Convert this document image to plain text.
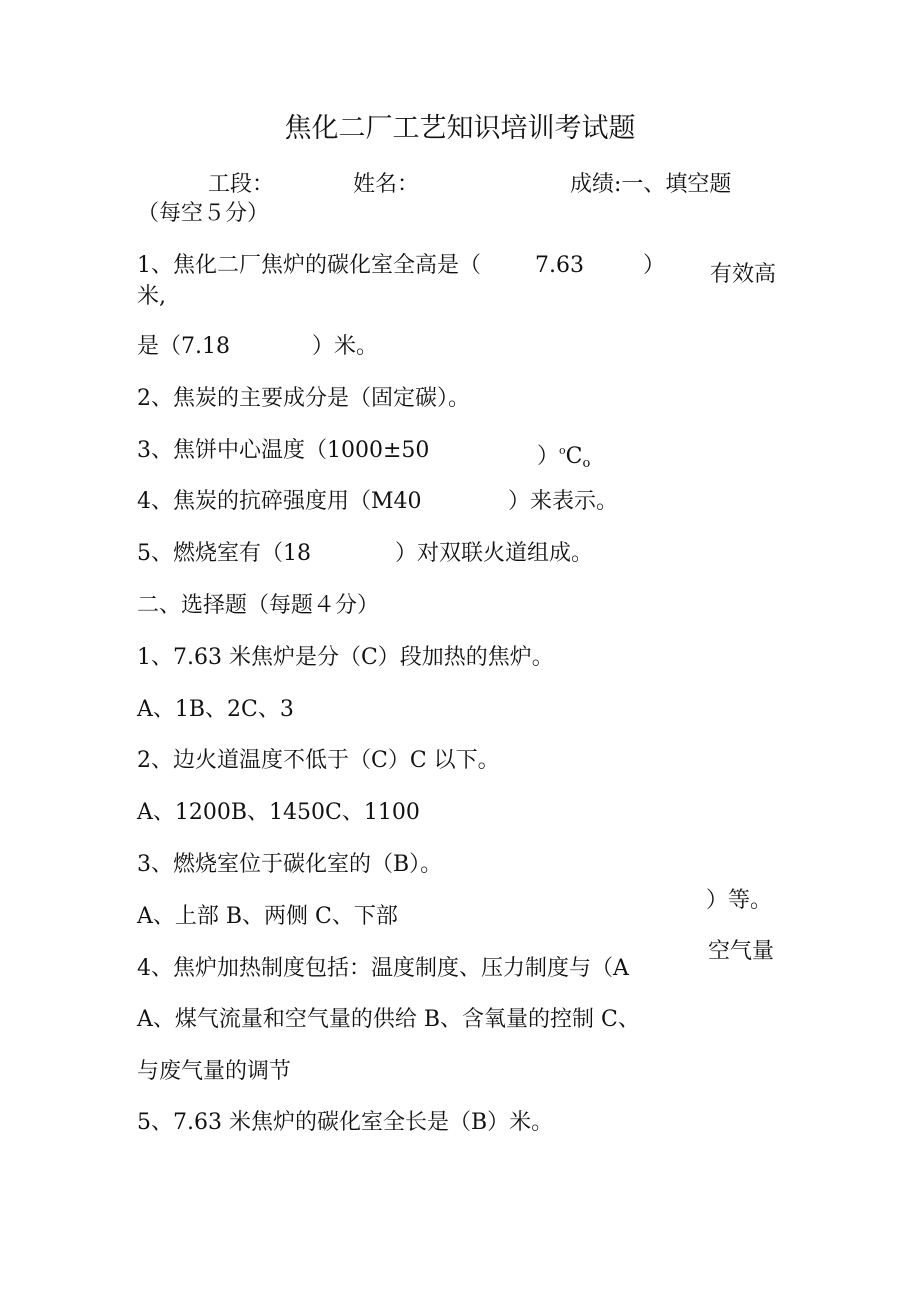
焦化二厂工艺知识培训考试题
工段：	姓名：	成绩:一、填空题
（每空５分）
1、焦化二厂焦炉的碳化室全高是（ 7.63	） 有效高
米,
是（7.18	）米。
2、焦炭的主要成分是（固定碳）。
3、焦饼中心温度（1000±50	）$^oC_o$
4、焦炭的抗碎强度用（M40	）来表示。
5、燃烧室有（18	）对双联火道组成。
二、选择题（每题４分）
1、7.63 米焦炉是分（C）段加热的焦炉。
A、1B、2C、3
2、边火道温度不低于（C）C 以下。
A、1200B、1450C、1100
3、燃烧室位于碳化室的（B）。
A、上部 B、两侧 C、下部
）等。
4、焦炉加热制度包括：温度制度、压力制度与（A
空气量
A、煤气流量和空气量的供给 B、含氧量的控制 C、
与废气量的调节
5、7.63 米焦炉的碳化室全长是（B）米。
